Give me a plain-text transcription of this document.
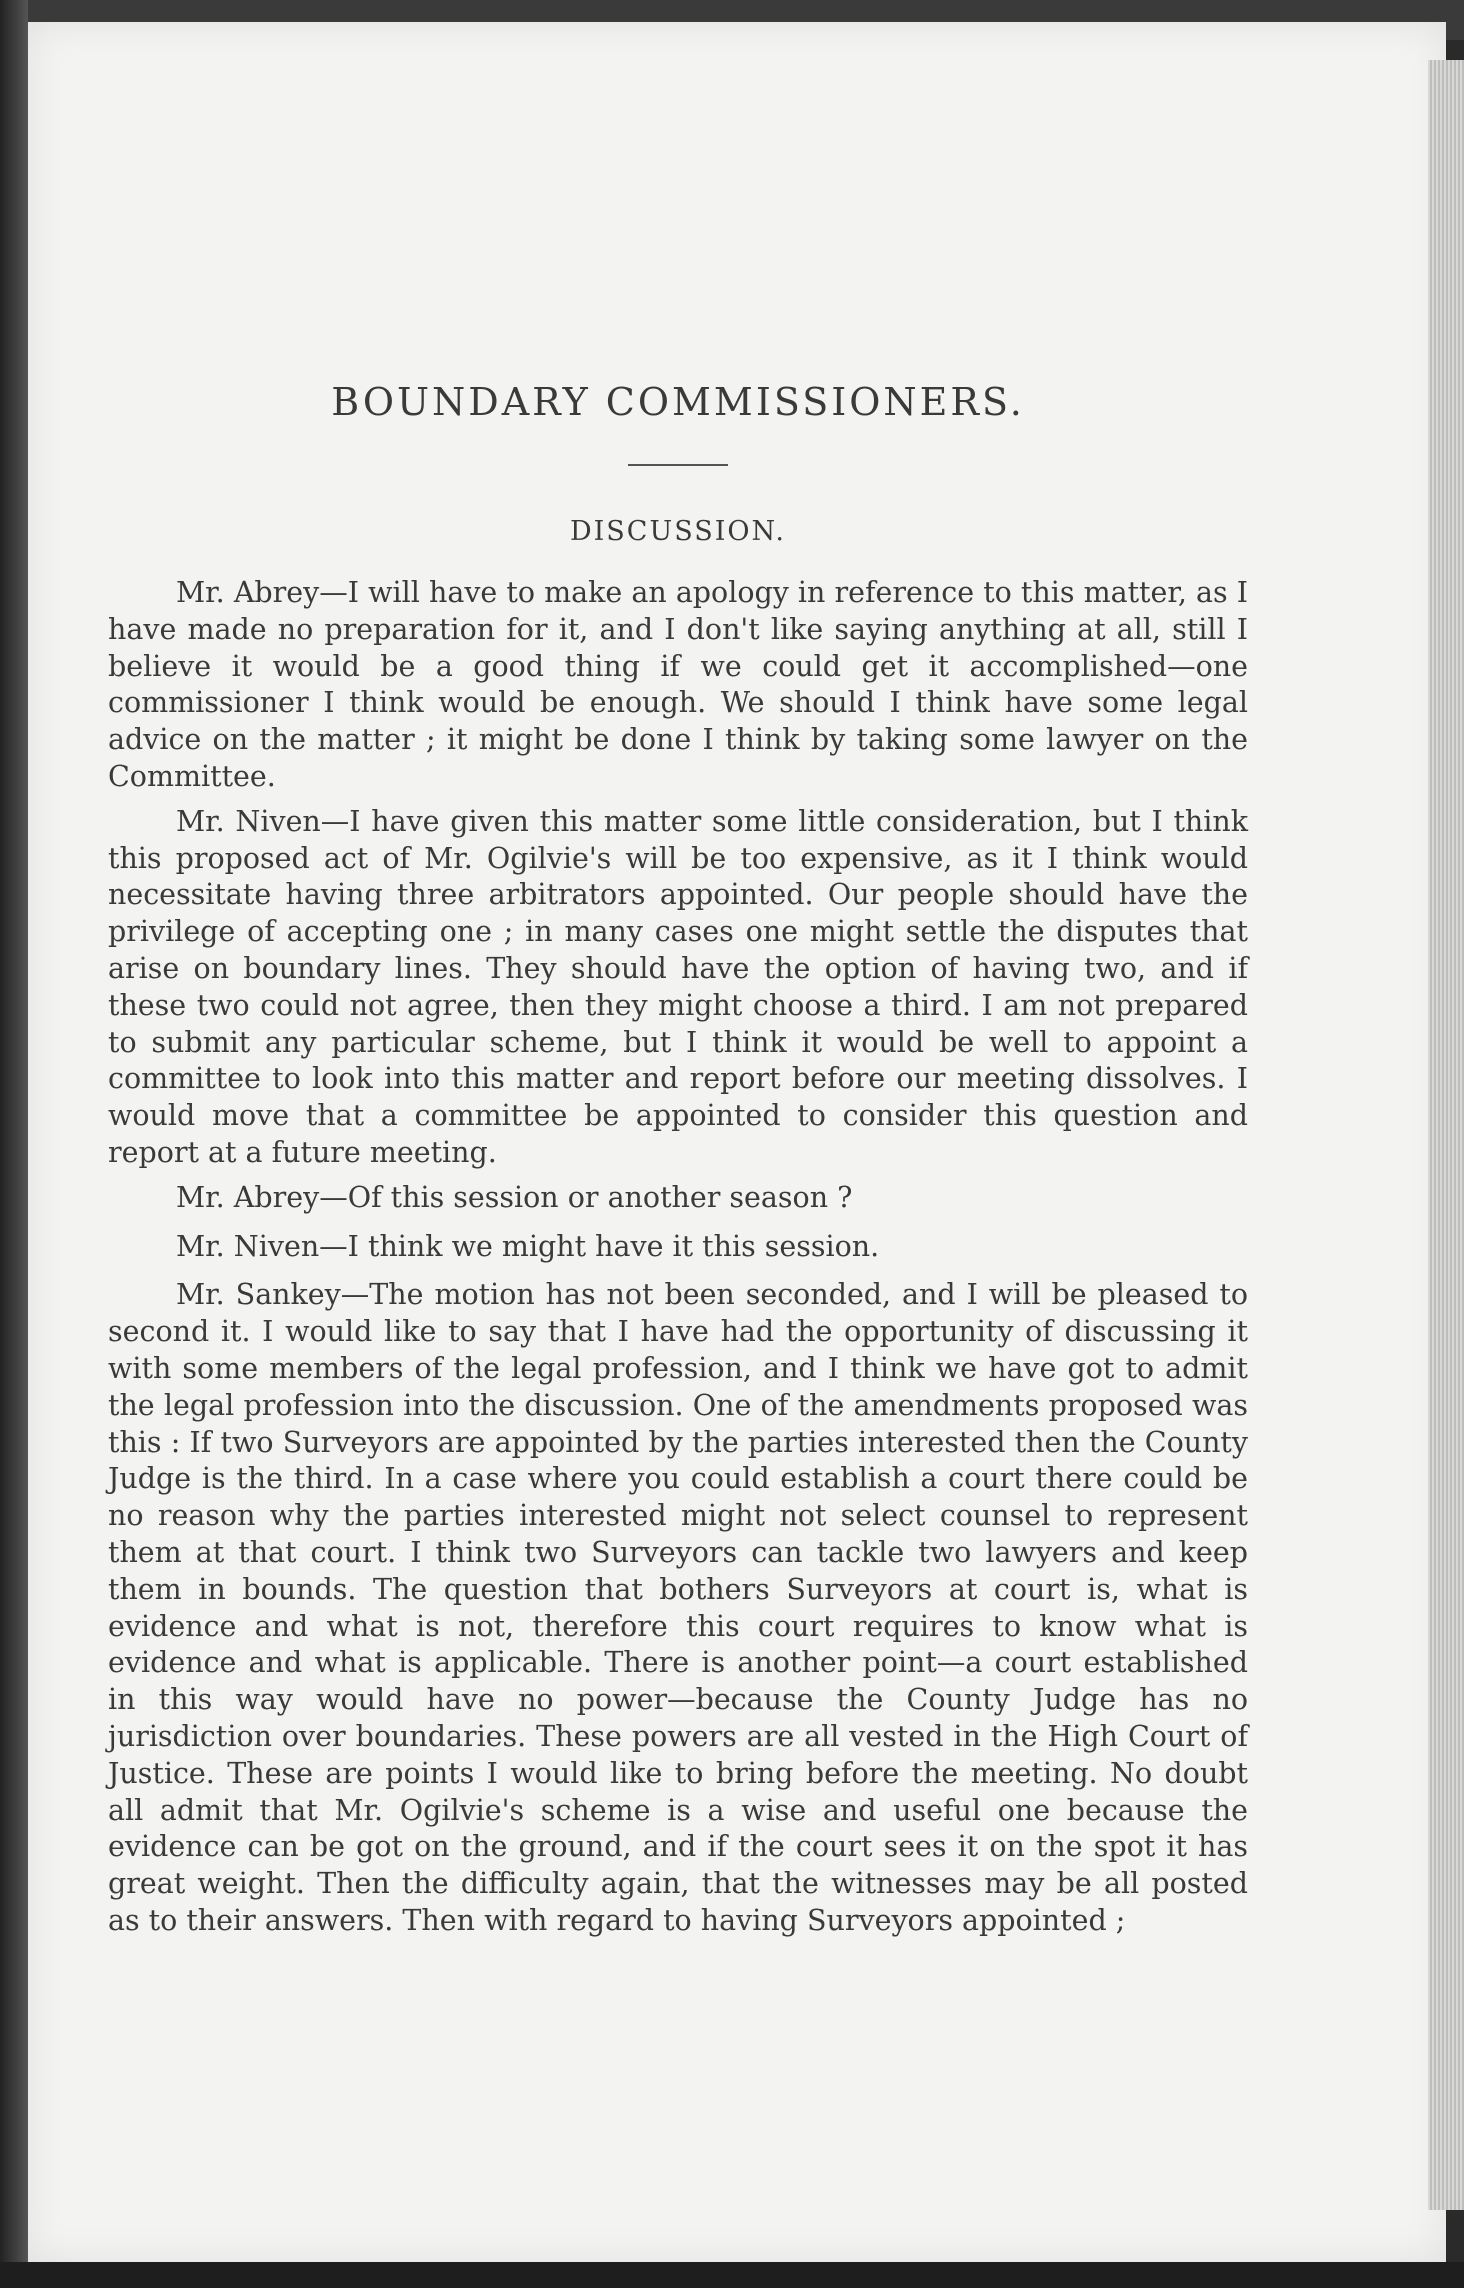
BOUNDARY COMMISSIONERS.
DISCUSSION.

Mr. Abrey—I will have to make an apology in reference to this matter, as I have made no preparation for it, and I don't like saying anything at all, still I believe it would be a good thing if we could get it accomplished—one commissioner I think would be enough. We should I think have some legal advice on the matter ; it might be done I think by taking some lawyer on the Committee.

Mr. Niven—I have given this matter some little consideration, but I think this proposed act of Mr. Ogilvie's will be too expensive, as it I think would necessitate having three arbitrators appointed. Our people should have the privilege of accepting one ; in many cases one might settle the disputes that arise on boundary lines. They should have the option of having two, and if these two could not agree, then they might choose a third. I am not prepared to submit any particular scheme, but I think it would be well to appoint a committee to look into this matter and report before our meeting dissolves. I would move that a committee be appointed to consider this question and report at a future meeting.

Mr. Abrey—Of this session or another season ?

Mr. Niven—I think we might have it this session.

Mr. Sankey—The motion has not been seconded, and I will be pleased to second it. I would like to say that I have had the opportunity of discussing it with some members of the legal profession, and I think we have got to admit the legal profession into the discussion. One of the amendments proposed was this : If two Surveyors are appointed by the parties interested then the County Judge is the third. In a case where you could establish a court there could be no reason why the parties interested might not select counsel to represent them at that court. I think two Surveyors can tackle two lawyers and keep them in bounds. The question that bothers Surveyors at court is, what is evidence and what is not, therefore this court requires to know what is evidence and what is applicable. There is another point—a court established in this way would have no power—because the County Judge has no jurisdiction over boundaries. These powers are all vested in the High Court of Justice. These are points I would like to bring before the meeting. No doubt all admit that Mr. Ogilvie's scheme is a wise and useful one because the evidence can be got on the ground, and if the court sees it on the spot it has great weight. Then the difficulty again, that the witnesses may be all posted as to their answers. Then with regard to having Surveyors appointed ;
